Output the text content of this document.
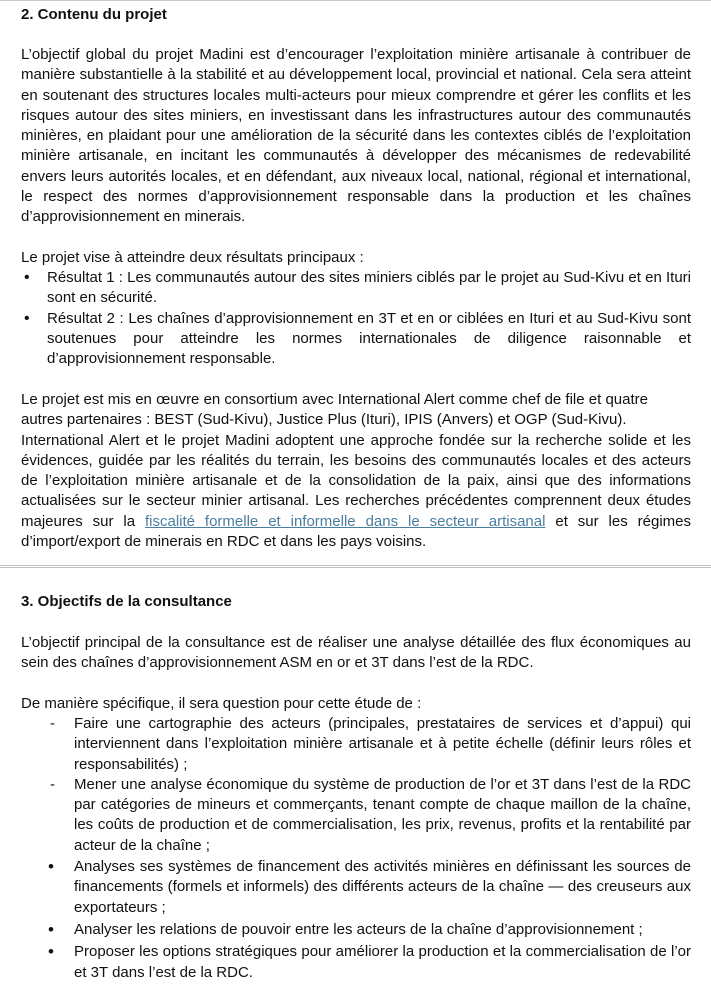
2. Contenu du projet

L’objectif global du projet Madini est d’encourager l’exploitation minière artisanale à contribuer de manière substantielle à la stabilité et au développement local, provincial et national. Cela sera atteint en soutenant des structures locales multi-acteurs pour mieux comprendre et gérer les conflits et les risques autour des sites miniers, en investissant dans les infrastructures autour des communautés minières, en plaidant pour une amélioration de la sécurité dans les contextes ciblés de l’exploitation minière artisanale, en incitant les communautés à développer des mécanismes de redevabilité envers leurs autorités locales, et en défendant, aux niveaux local, national, régional et international, le respect des normes d’approvisionnement responsable dans la production et les chaînes d’approvisionnement en minerais.

Le projet vise à atteindre deux résultats principaux :

• Résultat 1 : Les communautés autour des sites miniers ciblés par le projet au Sud-Kivu et en Ituri sont en sécurité.
• Résultat 2 : Les chaînes d’approvisionnement en 3T et en or ciblées en Ituri et au Sud-Kivu sont soutenues pour atteindre les normes internationales de diligence raisonnable et d’approvisionnement responsable.

Le projet est mis en œuvre en consortium avec International Alert comme chef de file et quatre autres partenaires : BEST (Sud-Kivu), Justice Plus (Ituri), IPIS (Anvers) et OGP (Sud-Kivu).

International Alert et le projet Madini adoptent une approche fondée sur la recherche solide et les évidences, guidée par les réalités du terrain, les besoins des communautés locales et des acteurs de l’exploitation minière artisanale et de la consolidation de la paix, ainsi que des informations actualisées sur le secteur minier artisanal. Les recherches précédentes comprennent deux études majeures sur la fiscalité formelle et informelle dans le secteur artisanal et sur les régimes d’import/export de minerais en RDC et dans les pays voisins.

3. Objectifs de la consultance

L’objectif principal de la consultance est de réaliser une analyse détaillée des flux économiques au sein des chaînes d’approvisionnement ASM en or et 3T dans l’est de la RDC.

De manière spécifique, il sera question pour cette étude de :

- Faire une cartographie des acteurs (principales, prestataires de services et d’appui) qui interviennent dans l’exploitation minière artisanale et à petite échelle (définir leurs rôles et responsabilités) ;
- Mener une analyse économique du système de production de l’or et 3T dans l’est de la RDC par catégories de mineurs et commerçants, tenant compte de chaque maillon de la chaîne, les coûts de production et de commercialisation, les prix, revenus, profits et la rentabilité par acteur de la chaîne ;
• Analyses ses systèmes de financement des activités minières en définissant les sources de financements (formels et informels) des différents acteurs de la chaîne — des creuseurs aux exportateurs ;
• Analyser les relations de pouvoir entre les acteurs de la chaîne d’approvisionnement ;
• Proposer les options stratégiques pour améliorer la production et la commercialisation de l’or et 3T dans l’est de la RDC.
